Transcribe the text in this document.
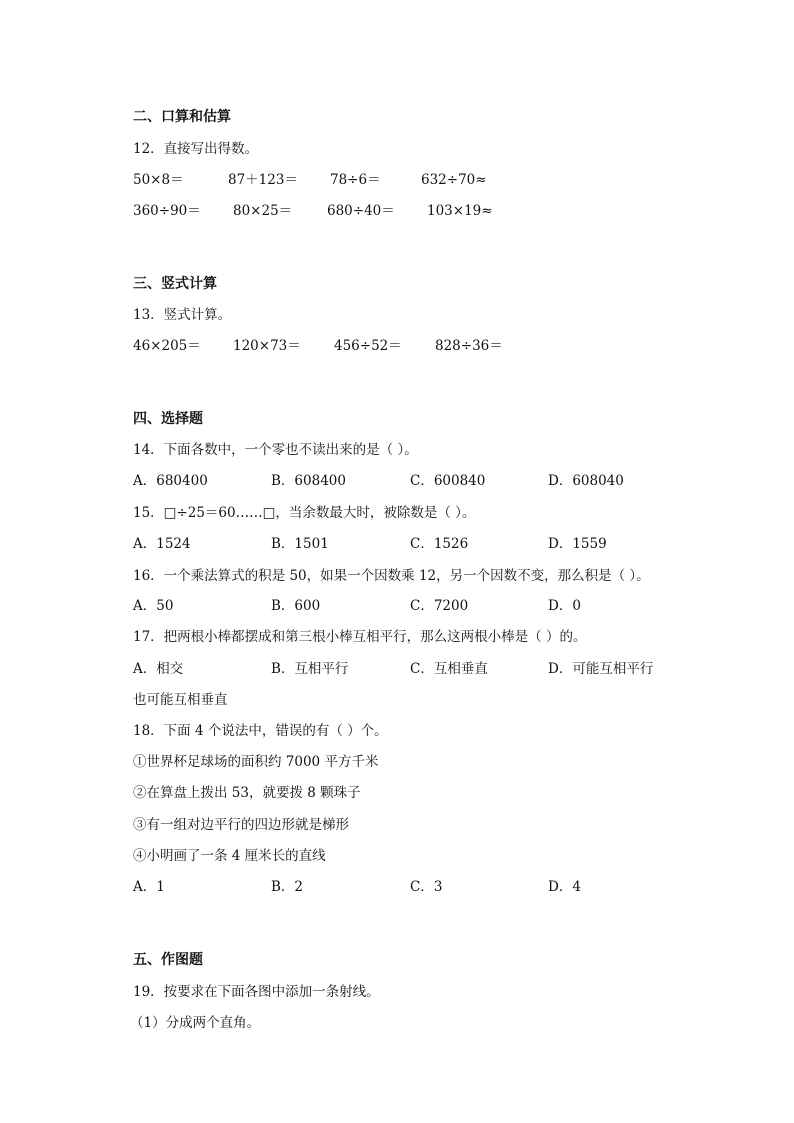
二、口算和估算
12．直接写出得数。
50×8＝	87＋123＝ 78÷6＝	632÷70≈
360÷90＝ 80×25＝	680÷40＝ 103×19≈
三、竖式计算
13．竖式计算。
46×205＝ 120×73＝ 456÷52＝ 828÷36＝
四、选择题
14．下面各数中，一个零也不读出来的是（ ）。
A．680400	B．608400	C．600840	D．608040
15．□÷25＝60……□，当余数最大时，被除数是（ ）。
A．1524	B．1501	C．1526	D．1559
16．一个乘法算式的积是 50，如果一个因数乘 12，另一个因数不变，那么积是（ ）。
A．50	B．600	C．7200	D．0
17．把两根小棒都摆成和第三根小棒互相平行，那么这两根小棒是（ ）的。
A．相交	B．互相平行	C．互相垂直	D．可能互相平行
也可能互相垂直
18．下面 4 个说法中，错误的有（ ）个。
①世界杯足球场的面积约 7000 平方千米
②在算盘上拨出 53，就要拨 8 颗珠子
③有一组对边平行的四边形就是梯形
④小明画了一条 4 厘米长的直线
A．1	B．2	C．3	D．4
五、作图题
19．按要求在下面各图中添加一条射线。
（1）分成两个直角。
